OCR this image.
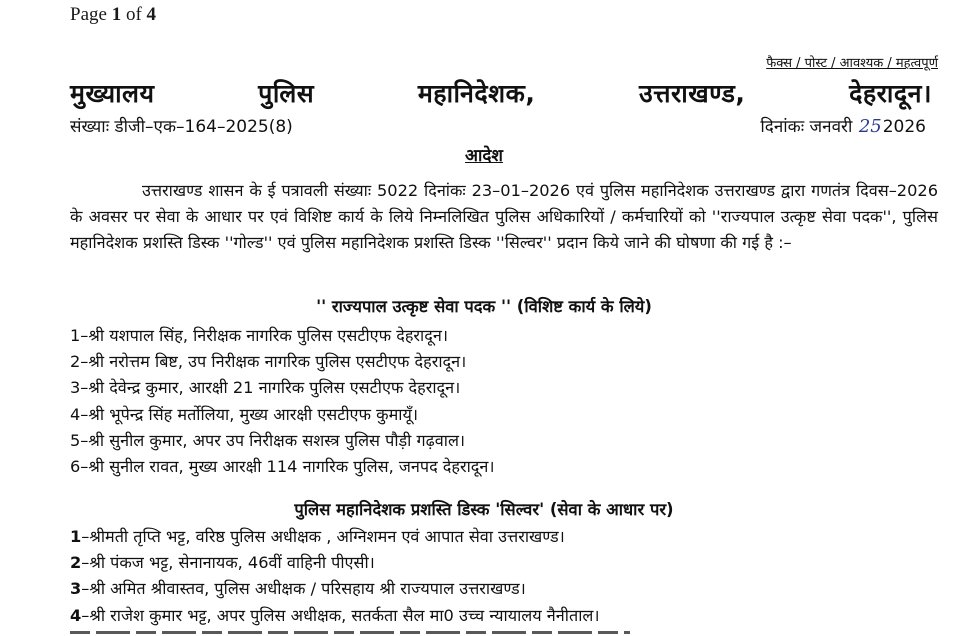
Page 1 of 4
फैक्स / पोस्ट / आवश्यक / महत्वपूर्ण
मुख्यालय	पुलिस	महानिदेशक,	उत्तराखण्ड,	देहरादून।
संख्याः डीजी–एक–164–2025(8)	दिनांकः जनवरी 252026
आदेश

उत्तराखण्ड शासन के ई पत्रावली संख्याः 5022 दिनांकः 23–01–2026 एवं पुलिस महानिदेशक उत्तराखण्ड द्वारा गणतंत्र दिवस–2026 के अवसर पर सेवा के आधार पर एवं विशिष्ट कार्य के लिये निम्नलिखित पुलिस अधिकारियों / कर्मचारियों को ''राज्यपाल उत्कृष्ट सेवा पदक'', पुलिस महानिदेशक प्रशस्ति डिस्क ''गोल्ड'' एवं पुलिस महानिदेशक प्रशस्ति डिस्क ''सिल्वर'' प्रदान किये जाने की घोषणा की गई है :–

'' राज्यपाल उत्कृष्ट सेवा पदक '' (विशिष्ट कार्य के लिये)
1–श्री यशपाल सिंह, निरीक्षक नागरिक पुलिस एसटीएफ देहरादून।
2–श्री नरोत्तम बिष्ट, उप निरीक्षक नागरिक पुलिस एसटीएफ देहरादून।
3–श्री देवेन्द्र कुमार, आरक्षी 21 नागरिक पुलिस एसटीएफ देहरादून।
4–श्री भूपेन्द्र सिंह मर्तोलिया, मुख्य आरक्षी एसटीएफ कुमायूँ।
5–श्री सुनील कुमार, अपर उप निरीक्षक सशस्त्र पुलिस पौड़ी गढ़वाल।
6–श्री सुनील रावत, मुख्य आरक्षी 114 नागरिक पुलिस, जनपद देहरादून।
पुलिस महानिदेशक प्रशस्ति डिस्क 'सिल्वर' (सेवा के आधार पर)
1–श्रीमती तृप्ति भट्ट, वरिष्ठ पुलिस अधीक्षक , अग्निशमन एवं आपात सेवा उत्तराखण्ड।
2–श्री पंकज भट्ट, सेनानायक, 46वीं वाहिनी पीएसी।
3–श्री अमित श्रीवास्तव, पुलिस अधीक्षक / परिसहाय श्री राज्यपाल उत्तराखण्ड।
4–श्री राजेश कुमार भट्ट, अपर पुलिस अधीक्षक, सतर्कता सैल मा0 उच्च न्यायालय नैनीताल।
